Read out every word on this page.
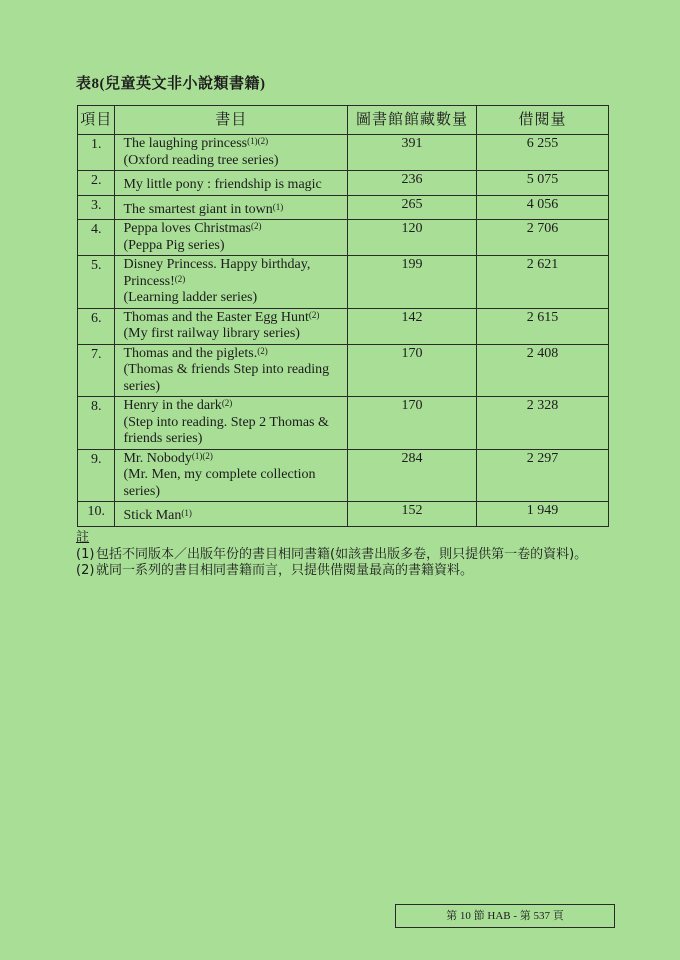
表8(兒童英文非小說類書籍)
項目	書目	圖書館館藏數量	借閱量
1.	The laughing princess$^{(1)(2)}$
(Oxford reading tree series)	391	6 255
2.	My little pony : friendship is magic	236	5 075
3.	The smartest giant in town$^{(1)}$	265	4 056
4.	Peppa loves Christmas$^{(2)}$
(Peppa Pig series)	120	2 706
5.	Disney Princess. Happy birthday,
Princess!$^{(2)}$
(Learning ladder series)	199	2 621
6.	Thomas and the Easter Egg Hunt$^{(2)}$
(My first railway library series)	142	2 615
7.	Thomas and the piglets.$^{(2)}$
(Thomas & friends Step into reading
series)	170	2 408
8.	Henry in the dark$^{(2)}$
(Step into reading. Step 2 Thomas &
friends series)	170	2 328
9.	Mr. Nobody$^{(1)(2)}$
(Mr. Men, my complete collection
series)	284	2 297
10.	Stick Man$^{(1)}$	152	1 949
註
(1) 包括不同版本／出版年份的書目相同書籍(如該書出版多卷，則只提供第一卷的資料)。
(2) 就同一系列的書目相同書籍而言，只提供借閱量最高的書籍資料。
第 10 節 HAB - 第 537 頁
